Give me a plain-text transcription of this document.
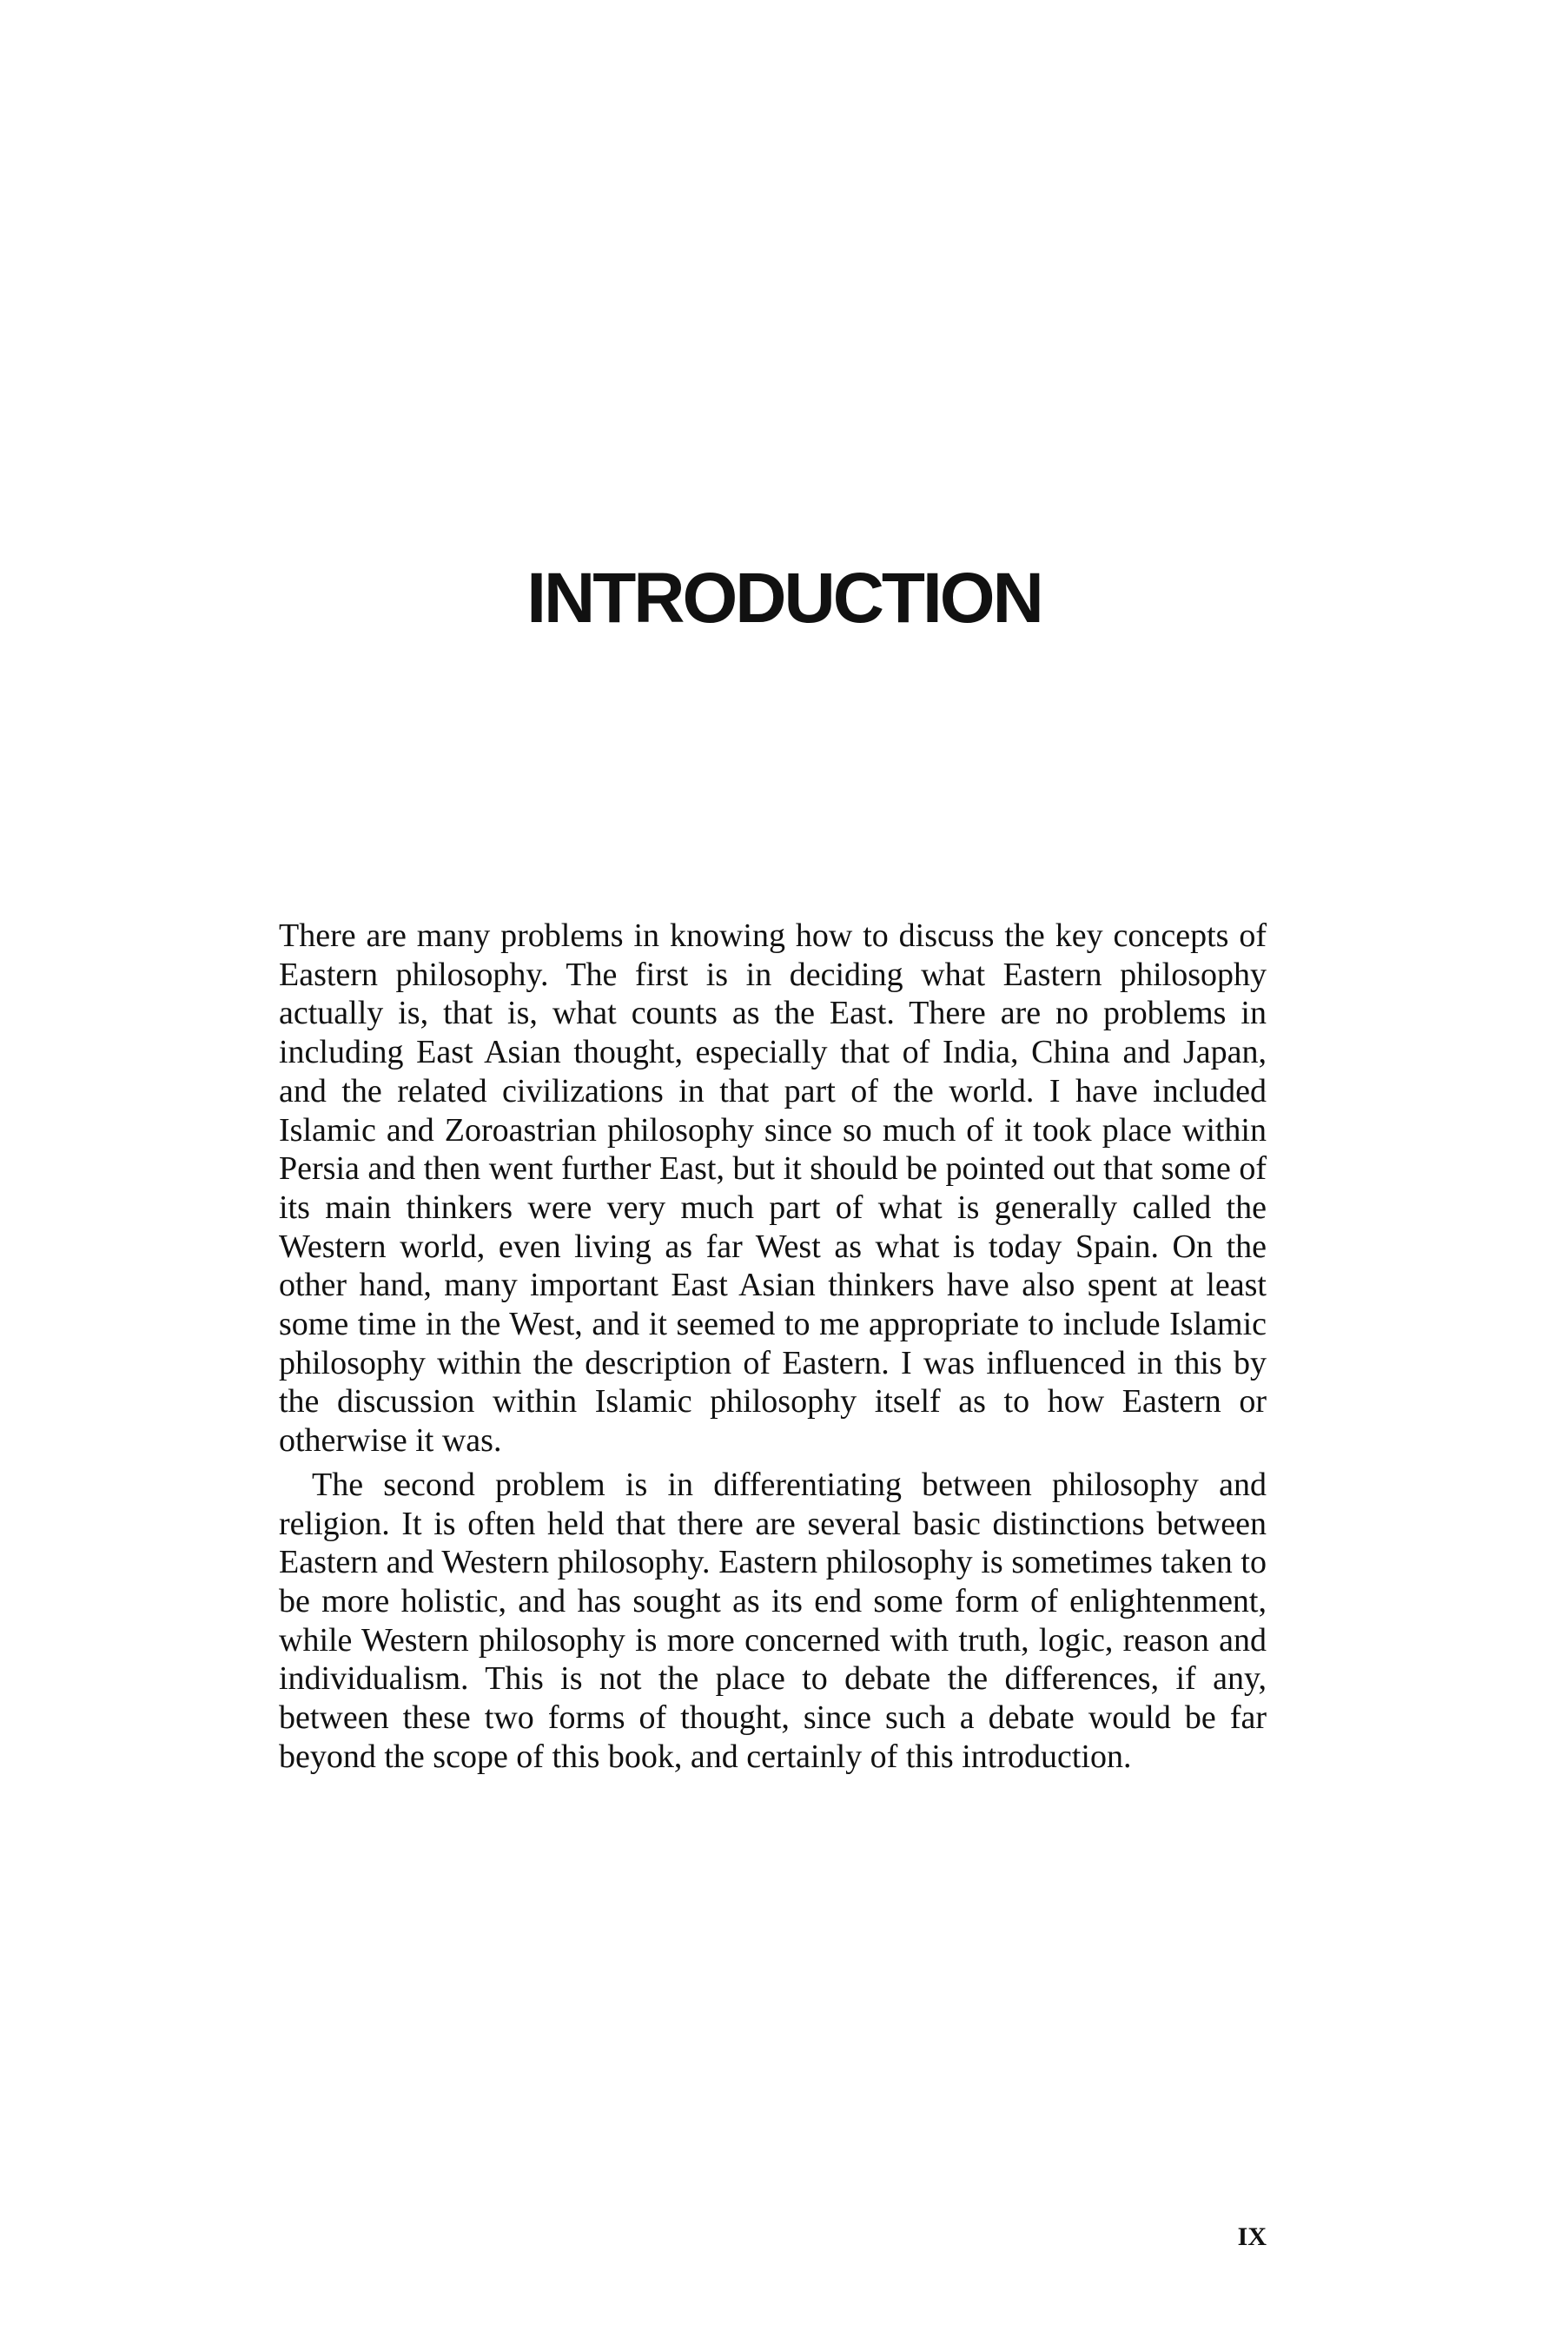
INTRODUCTION

There are many problems in knowing how to discuss the key concepts of Eastern philosophy. The first is in deciding what Eastern philosophy actually is, that is, what counts as the East. There are no problems in including East Asian thought, especially that of India, China and Japan, and the related civilizations in that part of the world. I have included Islamic and Zoroastrian philosophy since so much of it took place within Persia and then went further East, but it should be pointed out that some of its main thinkers were very much part of what is generally called the Western world, even living as far West as what is today Spain. On the other hand, many important East Asian thinkers have also spent at least some time in the West, and it seemed to me appropriate to include Islamic philosophy within the description of Eastern. I was influenced in this by the discussion within Islamic philosophy itself as to how Eastern or otherwise it was.

The second problem is in differentiating between philosophy and religion. It is often held that there are several basic distinctions between Eastern and Western philosophy. Eastern philosophy is sometimes taken to be more holistic, and has sought as its end some form of enlightenment, while Western philosophy is more concerned with truth, logic, reason and individualism. This is not the place to debate the differences, if any, between these two forms of thought, since such a debate would be far beyond the scope of this book, and certainly of this introduction.

IX
